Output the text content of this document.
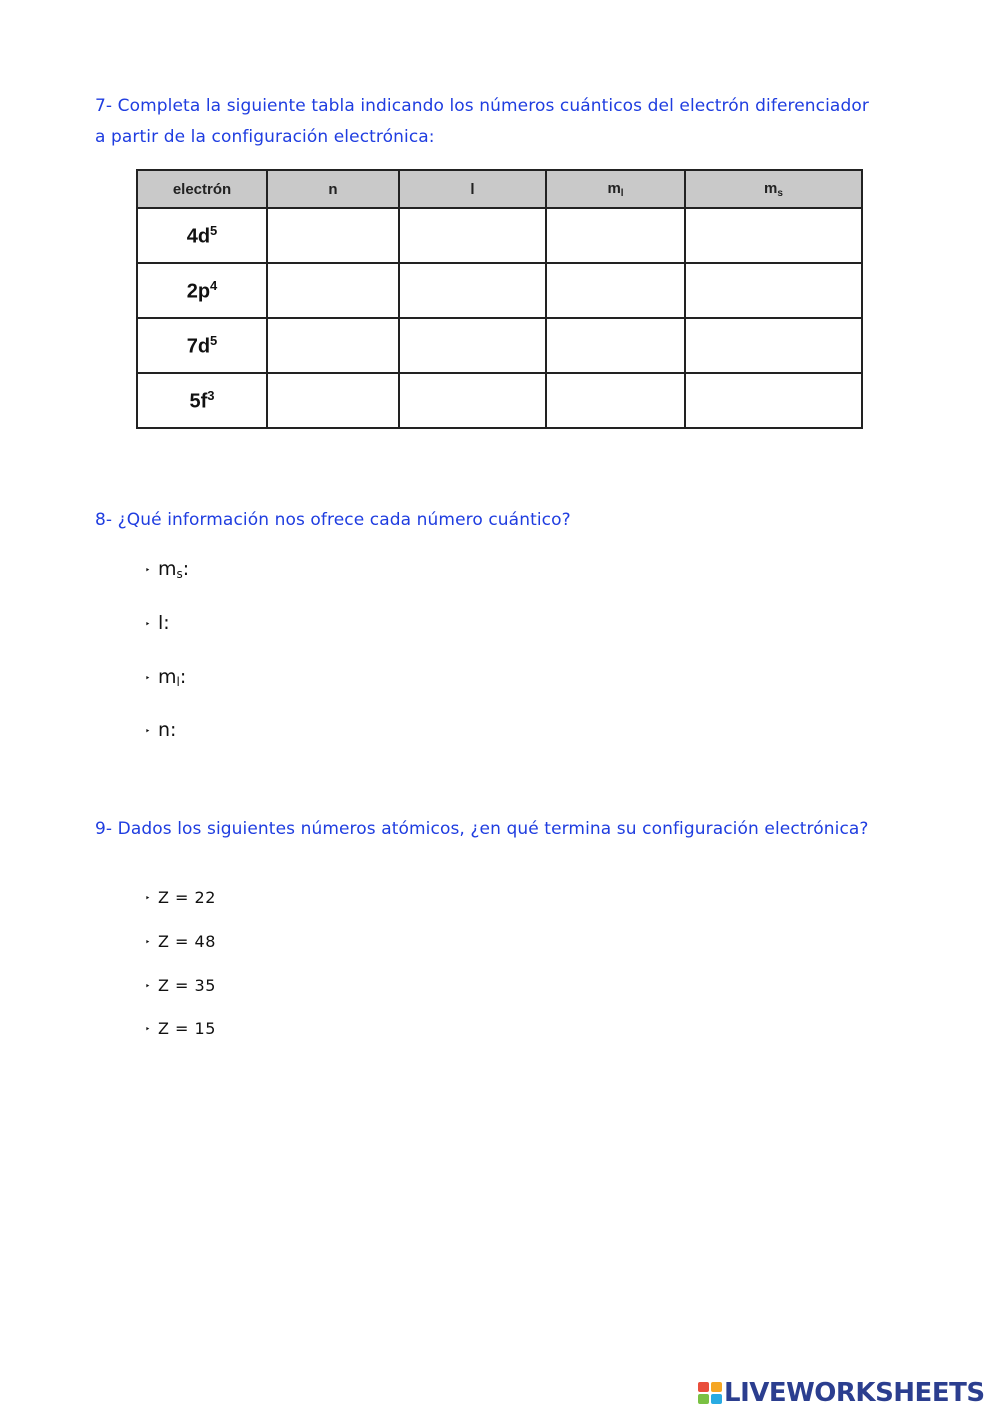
7- Completa la siguiente tabla indicando los números cuánticos del electrón diferenciador a partir de la configuración electrónica:
electrón	n	l	$m_l$	$m_s$
$4d^5$	

$2p^4$	

$7d^5$	

$5f^3$	

8- ¿Qué información nos ofrece cada número cuántico?
‣ ms:
‣ l:
‣ ml:
‣ n:
9- Dados los siguientes números atómicos, ¿en qué termina su configuración electrónica?
‣ Z = 22
‣ Z = 48
‣ Z = 35
‣ Z = 15
LIVEWORKSHEETS
